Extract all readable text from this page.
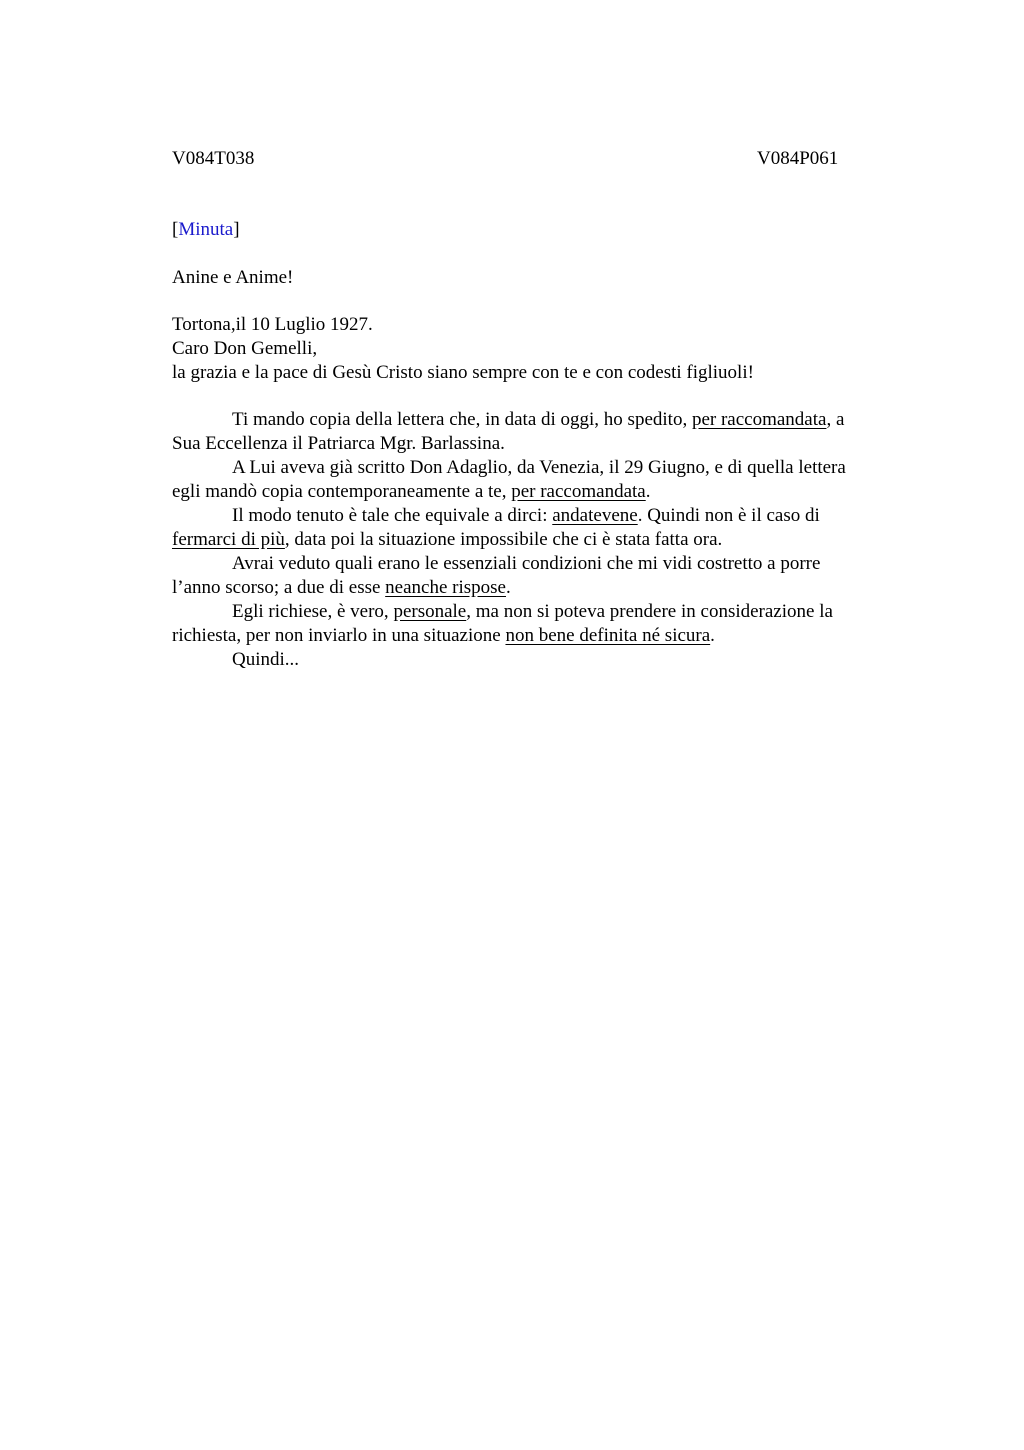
V084T038	V084P061
[Minuta]
Anine e Anime!
Tortona,il 10 Luglio 1927.
Caro Don Gemelli,
la grazia e la pace di Gesù Cristo siano sempre con te e con codesti figliuoli!
Ti mando copia della lettera che, in data di oggi, ho spedito, per raccomandata, a
Sua Eccellenza il Patriarca Mgr. Barlassina.
A Lui aveva già scritto Don Adaglio, da Venezia, il 29 Giugno, e di quella lettera
egli mandò copia contemporaneamente a te, per raccomandata.
Il modo tenuto è tale che equivale a dirci: andatevene. Quindi non è il caso di
fermarci di più, data poi la situazione impossibile che ci è stata fatta ora.
Avrai veduto quali erano le essenziali condizioni che mi vidi costretto a porre
l’anno scorso; a due di esse neanche rispose.
Egli richiese, è vero, personale, ma non si poteva prendere in considerazione la
richiesta, per non inviarlo in una situazione non bene definita né sicura.
Quindi...
